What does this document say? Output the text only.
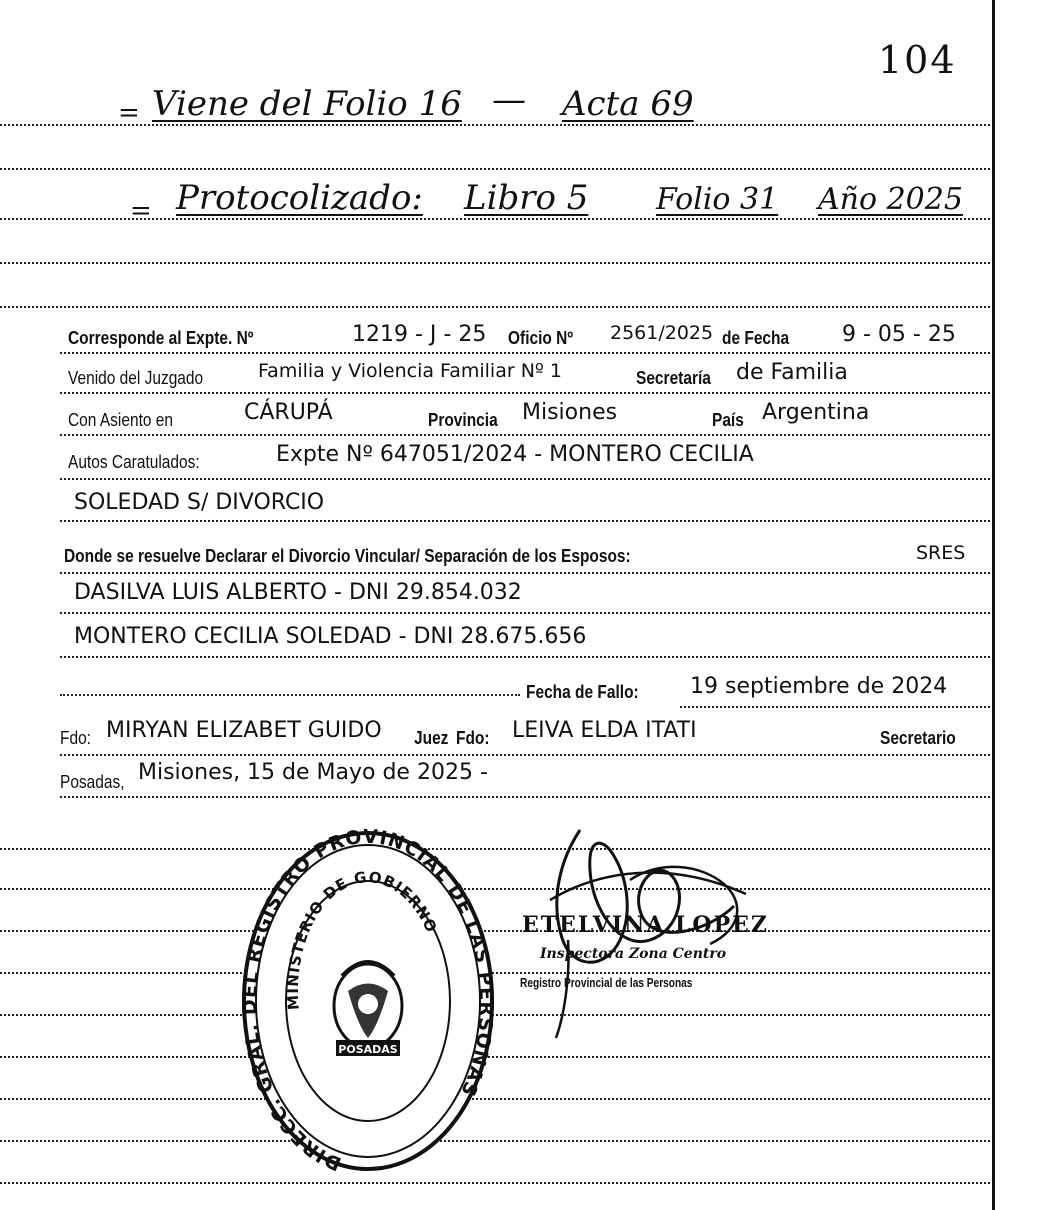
104
= Viene del Folio 16 — Acta 69
= Protocolizado: Libro 5 Folio 31 Año 2025
Corresponde al Expte. Nº	1219 - J - 25 Oficio Nº 2561/2025 de Fecha 9 - 05 - 25
Venido del Juzgado	Familia y Violencia Familiar Nº 1	Secretaría de Familia
Con Asiento en	CÁRUPÁ	Provincia Misiones	País Argentina
Autos Caratulados:	Expte Nº 647051/2024 - MONTERO CECILIA
SOLEDAD S/ DIVORCIO
Donde se resuelve Declarar el Divorcio Vincular/ Separación de los Esposos:	SRES
DASILVA LUIS ALBERTO - DNI 29.854.032
MONTERO CECILIA SOLEDAD - DNI 28.675.656
Fecha de Fallo: 19 septiembre de 2024
Fdo: MIRYAN ELIZABET GUIDO Juez Fdo: LEIVA ELDA ITATI	Secretario
Posadas, Misiones, 15 de Mayo de 2025 -
DIRECC. GRAL. DEL REGISTRO PROVINCIAL DE LAS PERSONAS
MINISTERIO DE GOBIERNO
POSADAS
ETELVINA LOPEZ
Inspectora Zona Centro
Registro Provincial de las Personas
